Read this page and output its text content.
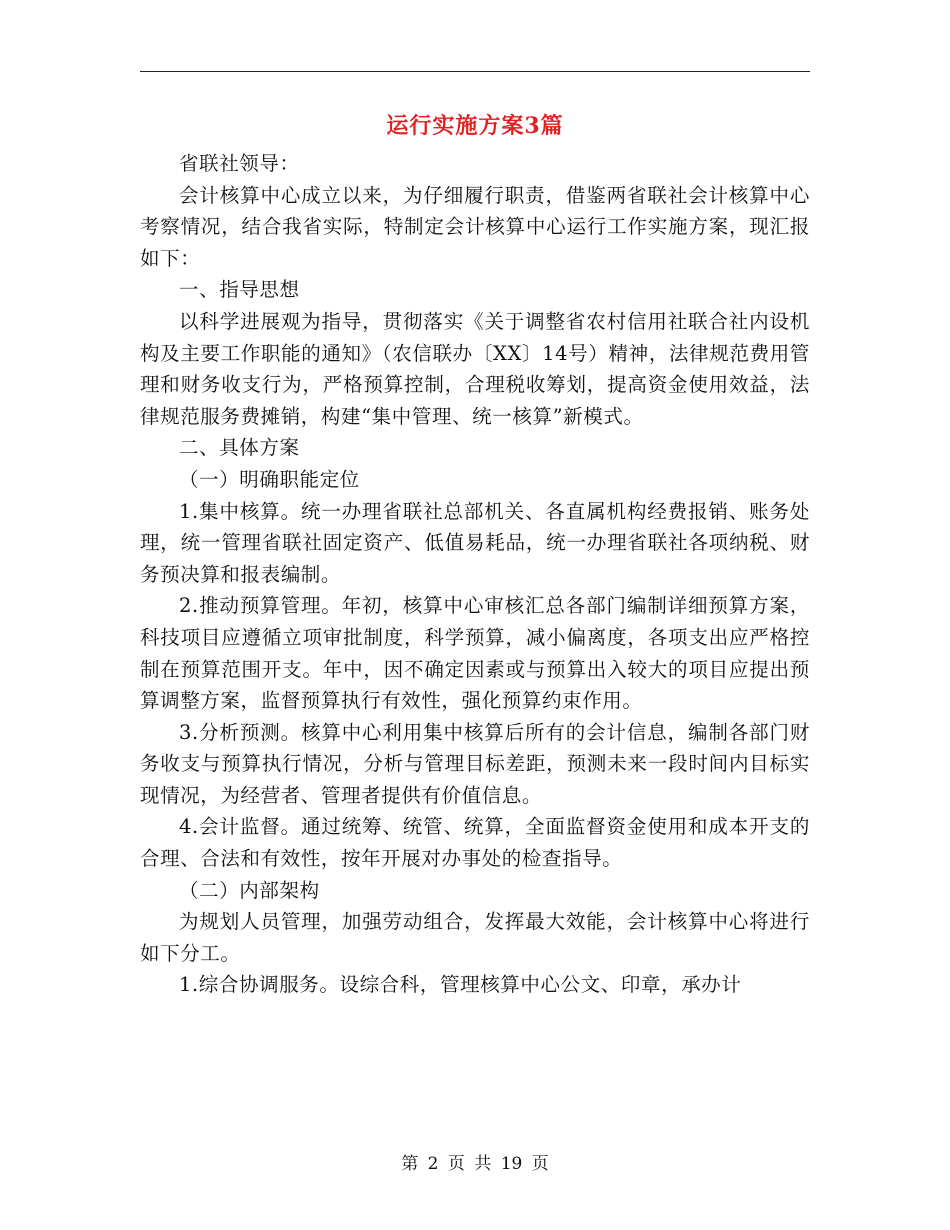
运行实施方案3篇

省联社领导：

会计核算中心成立以来，为仔细履行职责，借鉴两省联社会计核算中心考察情况，结合我省实际，特制定会计核算中心运行工作实施方案，现汇报如下：

一、指导思想

以科学进展观为指导，贯彻落实《关于调整省农村信用社联合社内设机构及主要工作职能的通知》（农信联办〔XX〕14号）精神，法律规范费用管理和财务收支行为，严格预算控制，合理税收筹划，提高资金使用效益，法律规范服务费摊销，构建“集中管理、统一核算”新模式。

二、具体方案

（一）明确职能定位

1.集中核算。统一办理省联社总部机关、各直属机构经费报销、账务处理，统一管理省联社固定资产、低值易耗品，统一办理省联社各项纳税、财务预决算和报表编制。

2.推动预算管理。年初，核算中心审核汇总各部门编制详细预算方案，科技项目应遵循立项审批制度，科学预算，减小偏离度，各项支出应严格控制在预算范围开支。年中，因不确定因素或与预算出入较大的项目应提出预算调整方案，监督预算执行有效性，强化预算约束作用。

3.分析预测。核算中心利用集中核算后所有的会计信息，编制各部门财务收支与预算执行情况，分析与管理目标差距，预测未来一段时间内目标实现情况，为经营者、管理者提供有价值信息。

4.会计监督。通过统筹、统管、统算，全面监督资金使用和成本开支的合理、合法和有效性，按年开展对办事处的检查指导。

（二）内部架构

为规划人员管理，加强劳动组合，发挥最大效能，会计核算中心将进行如下分工。

1.综合协调服务。设综合科，管理核算中心公文、印章，承办计

第 2 页 共 19 页
